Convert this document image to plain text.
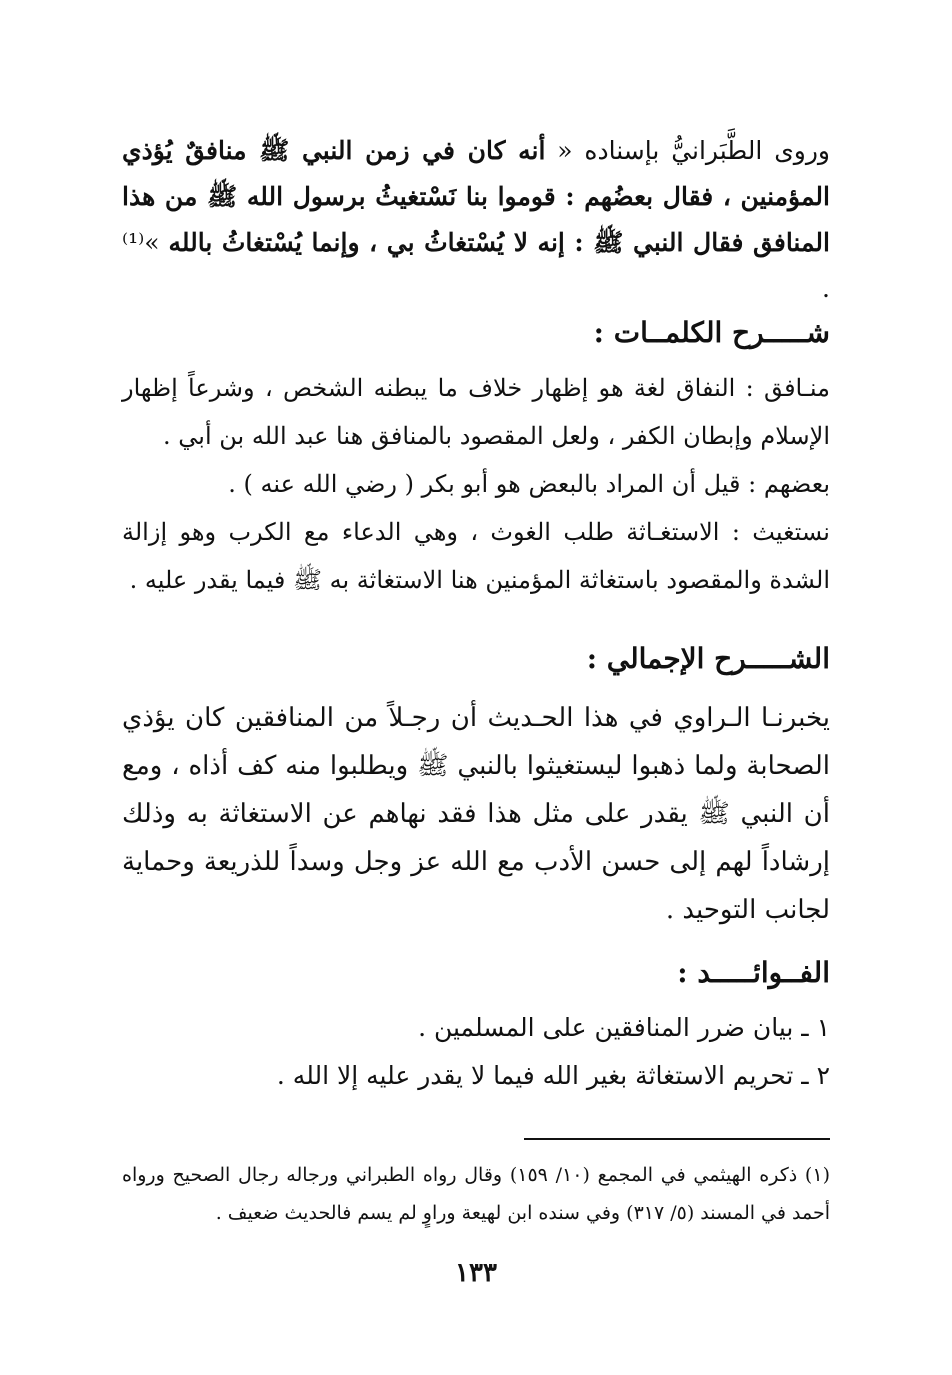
وروى الطَّبَرانيُّ بإسناده « أنه كان في زمن النبي ﷺ منافقٌ يُؤذي المؤمنين ، فقال بعضُهم : قوموا بنا نَسْتغيثُ برسول الله ﷺ من هذا المنافق فقال النبي ﷺ : إنه لا يُسْتغاثُ بي ، وإنما يُسْتغاثُ بالله »⁽¹⁾ .
شـــــرح الكلمــات :

منـافق : النفاق لغة هو إظهار خلاف ما يبطنه الشخص ، وشرعاً إظهار الإسلام وإبطان الكفر ، ولعل المقصود بالمنافق هنا عبد الله بن أبي .

بعضهم : قيل أن المراد بالبعض هو أبو بكر ( رضي الله عنه ) .

نستغيث : الاستغـاثة طلب الغوث ، وهي الدعاء مع الكرب وهو إزالة الشدة والمقصود باستغاثة المؤمنين هنا الاستغاثة به ﷺ فيما يقدر عليه .

الشـــــرح الإجمالي :
يخبرنـا الـراوي في هذا الحـديث أن رجـلاً من المنافقين كان يؤذي الصحابة ولما ذهبوا ليستغيثوا بالنبي ﷺ ويطلبوا منه كف أذاه ، ومع أن النبي ﷺ يقدر على مثل هذا فقد نهاهم عن الاستغاثة به وذلك إرشاداً لهم إلى حسن الأدب مع الله عز وجل وسداً للذريعة وحماية لجانب التوحيد .
الفــوائـــــد :

١ ـ بيان ضرر المنافقين على المسلمين .

٢ ـ تحريم الاستغاثة بغير الله فيما لا يقدر عليه إلا الله .

(١) ذكره الهيثمي في المجمع (١٠/ ١٥٩) وقال رواه الطبراني ورجاله رجال الصحيح ورواه أحمد في المسند (٥/ ٣١٧) وفي سنده ابن لهيعة وراوٍ لم يسم فالحديث ضعيف .
١٣٣
